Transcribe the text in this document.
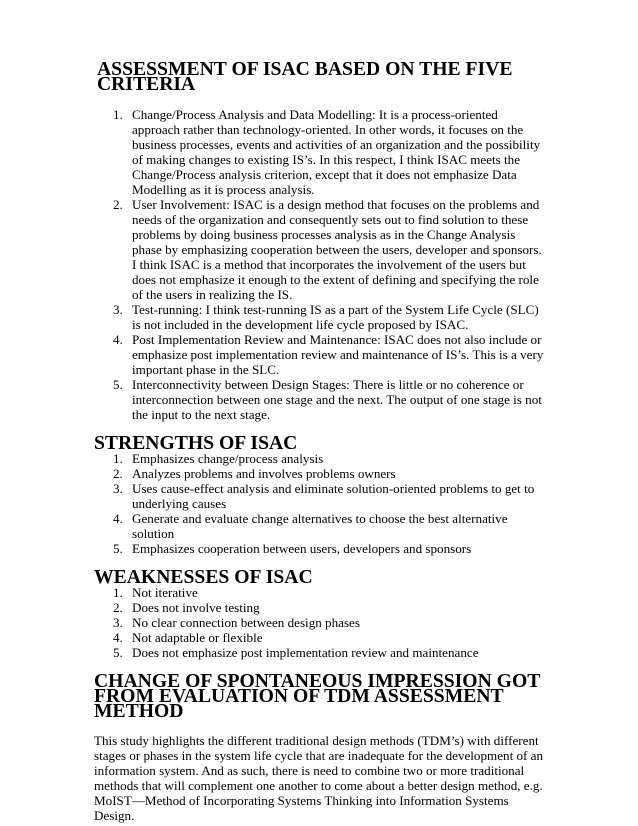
ASSESSMENT OF ISAC BASED ON THE FIVE CRITERIA
1. Change/Process Analysis and Data Modelling: It is a process-oriented approach rather than technology-oriented. In other words, it focuses on the business processes, events and activities of an organization and the possibility of making changes to existing IS’s. In this respect, I think ISAC meets the Change/Process analysis criterion, except that it does not emphasize Data Modelling as it is process analysis.
2. User Involvement: ISAC is a design method that focuses on the problems and needs of the organization and consequently sets out to find solution to these problems by doing business processes analysis as in the Change Analysis phase by emphasizing cooperation between the users, developer and sponsors. I think ISAC is a method that incorporates the involvement of the users but does not emphasize it enough to the extent of defining and specifying the role of the users in realizing the IS.
3. Test-running: I think test-running IS as a part of the System Life Cycle (SLC) is not included in the development life cycle proposed by ISAC.
4. Post Implementation Review and Maintenance: ISAC does not also include or emphasize post implementation review and maintenance of IS’s. This is a very important phase in the SLC.
5. Interconnectivity between Design Stages: There is little or no coherence or interconnection between one stage and the next. The output of one stage is not the input to the next stage.
STRENGTHS OF ISAC
1. Emphasizes change/process analysis
2. Analyzes problems and involves problems owners
3. Uses cause-effect analysis and eliminate solution-oriented problems to get to underlying causes
4. Generate and evaluate change alternatives to choose the best alternative solution
5. Emphasizes cooperation between users, developers and sponsors
WEAKNESSES OF ISAC
1. Not iterative
2. Does not involve testing
3. No clear connection between design phases
4. Not adaptable or flexible
5. Does not emphasize post implementation review and maintenance
CHANGE OF SPONTANEOUS IMPRESSION GOT FROM EVALUATION OF TDM ASSESSMENT METHOD

This study highlights the different traditional design methods (TDM’s) with different stages or phases in the system life cycle that are inadequate for the development of an information system. And as such, there is need to combine two or more traditional methods that will complement one another to come about a better design method, e.g. MoIST—Method of Incorporating Systems Thinking into Information Systems Design.
